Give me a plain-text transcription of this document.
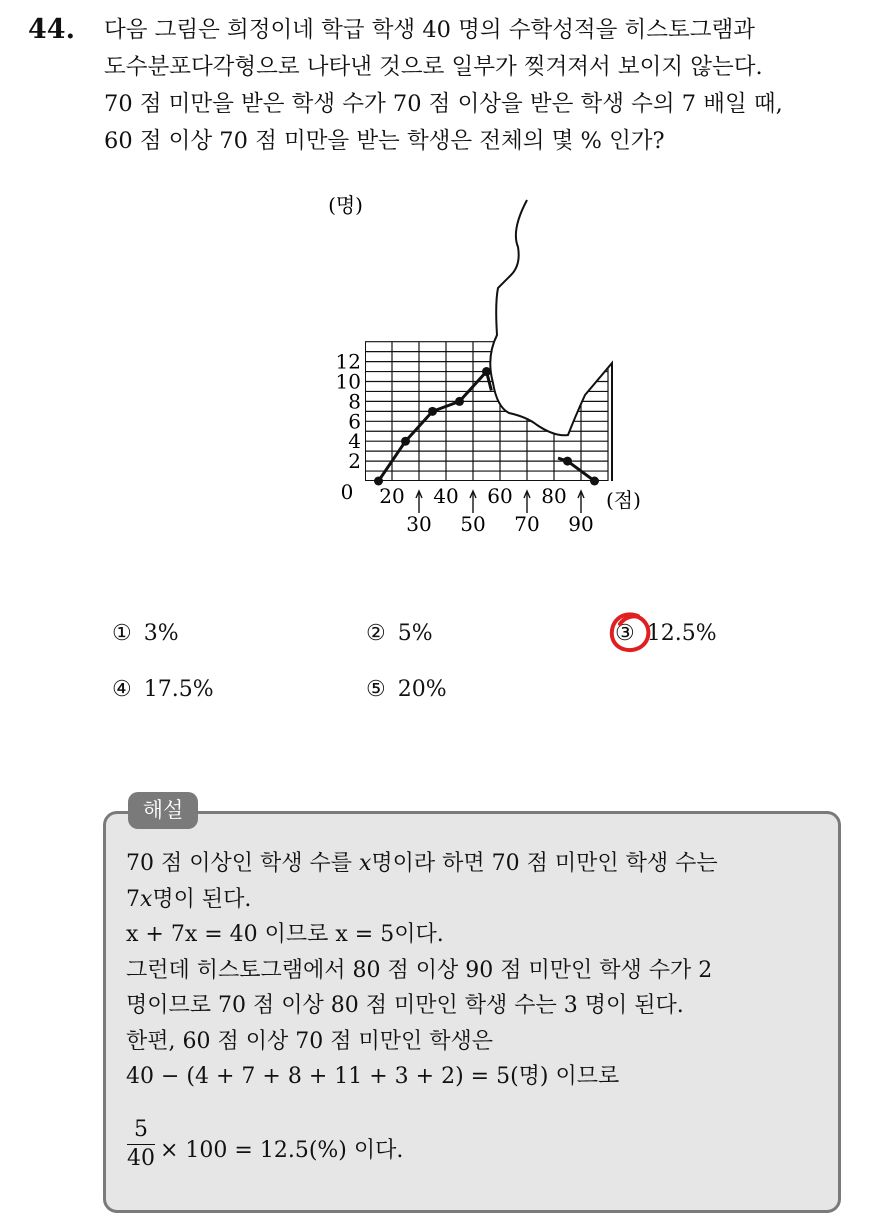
44. 다음 그림은 희정이네 학급 학생 40 명의 수학성적을 히스토그램과
도수분포다각형으로 나타낸 것으로 일부가 찢겨져서 보이지 않는다.
70 점 미만을 받은 학생 수가 70 점 이상을 받은 학생 수의 7 배일 때,
60 점 이상 70 점 미만을 받는 학생은 전체의 몇 % 인가?
2
4
6
8
10
12
(명)
0 20 40 60 80
30 50 70 90
(점)
① 3%	② 5%	③ 12.5%
④ 17.5%	⑤ 20%
해설
70 점 이상인 학생 수를 x명이라 하면 70 점 미만인 학생 수는
7x명이 된다.
x + 7x = 40 이므로 x = 5이다.
그런데 히스토그램에서 80 점 이상 90 점 미만인 학생 수가 2
명이므로 70 점 이상 80 점 미만인 학생 수는 3 명이 된다.
한편, 60 점 이상 70 점 미만인 학생은
40 − (4 + 7 + 8 + 11 + 3 + 2) = 5(명) 이므로
5
40 × 100 = 12.5(%) 이다.
